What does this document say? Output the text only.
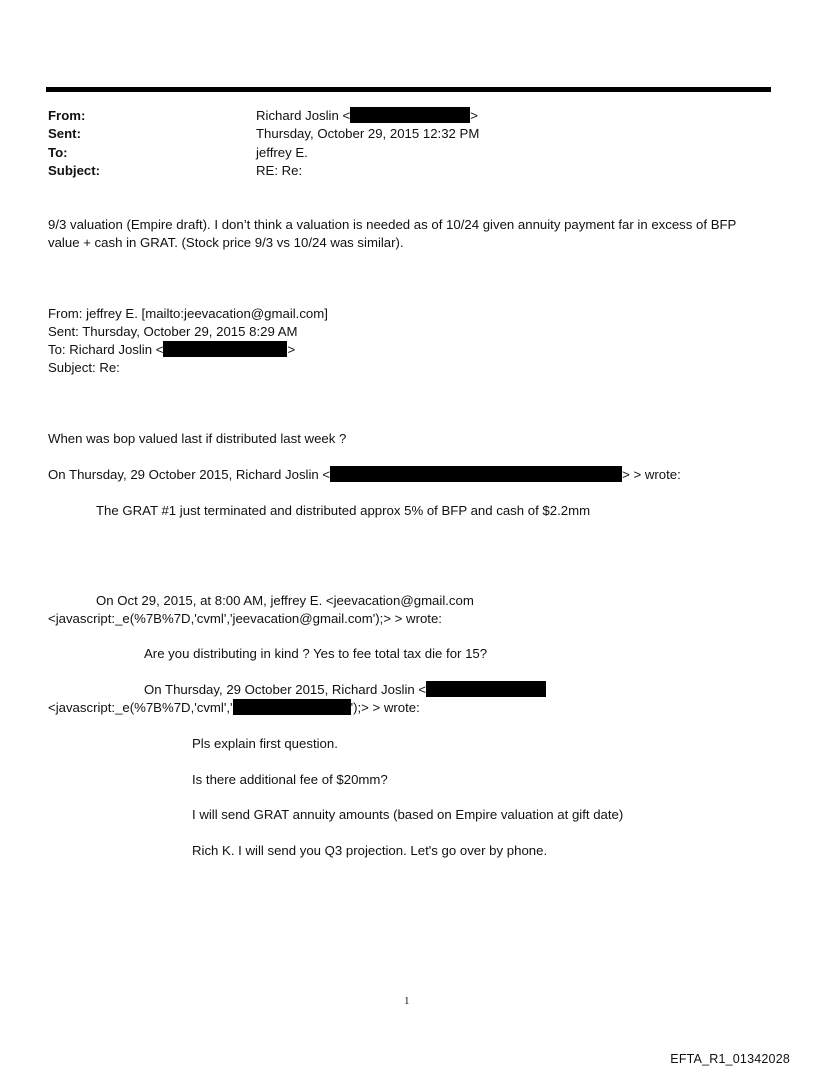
From:	Richard Joslin <	>

Sent:	Thursday, October 29, 2015 12:32 PM

To:	jeffrey E.

Subject:	RE: Re:

9/3 valuation (Empire draft). I don’t think a valuation is needed as of 10/24 given annuity payment far in excess of BFP value + cash in GRAT. (Stock price 9/3 vs 10/24 was similar).

From: jeffrey E. [mailto:jeevacation@gmail.com]

Sent: Thursday, October 29, 2015 8:29 AM

To: Richard Joslin <	>

Subject: Re:

When was bop valued last if distributed last week ?

On Thursday, 29 October 2015, Richard Joslin <	> > wrote:

The GRAT #1 just terminated and distributed approx 5% of BFP and cash of $2.2mm

On Oct 29, 2015, at 8:00 AM, jeffrey E. <jeevacation@gmail.com

<javascript:_e(%7B%7D,'cvml','jeevacation@gmail.com');> > wrote:

Are you distributing in kind ? Yes to fee total tax die for 15?

On Thursday, 29 October 2015, Richard Joslin <

<javascript:_e(%7B%7D,'cvml','	');> > wrote:

Pls explain first question.

Is there additional fee of $20mm?

I will send GRAT annuity amounts (based on Empire valuation at gift date)

Rich K. I will send you Q3 projection. Let's go over by phone.

1
EFTA_R1_01342028
